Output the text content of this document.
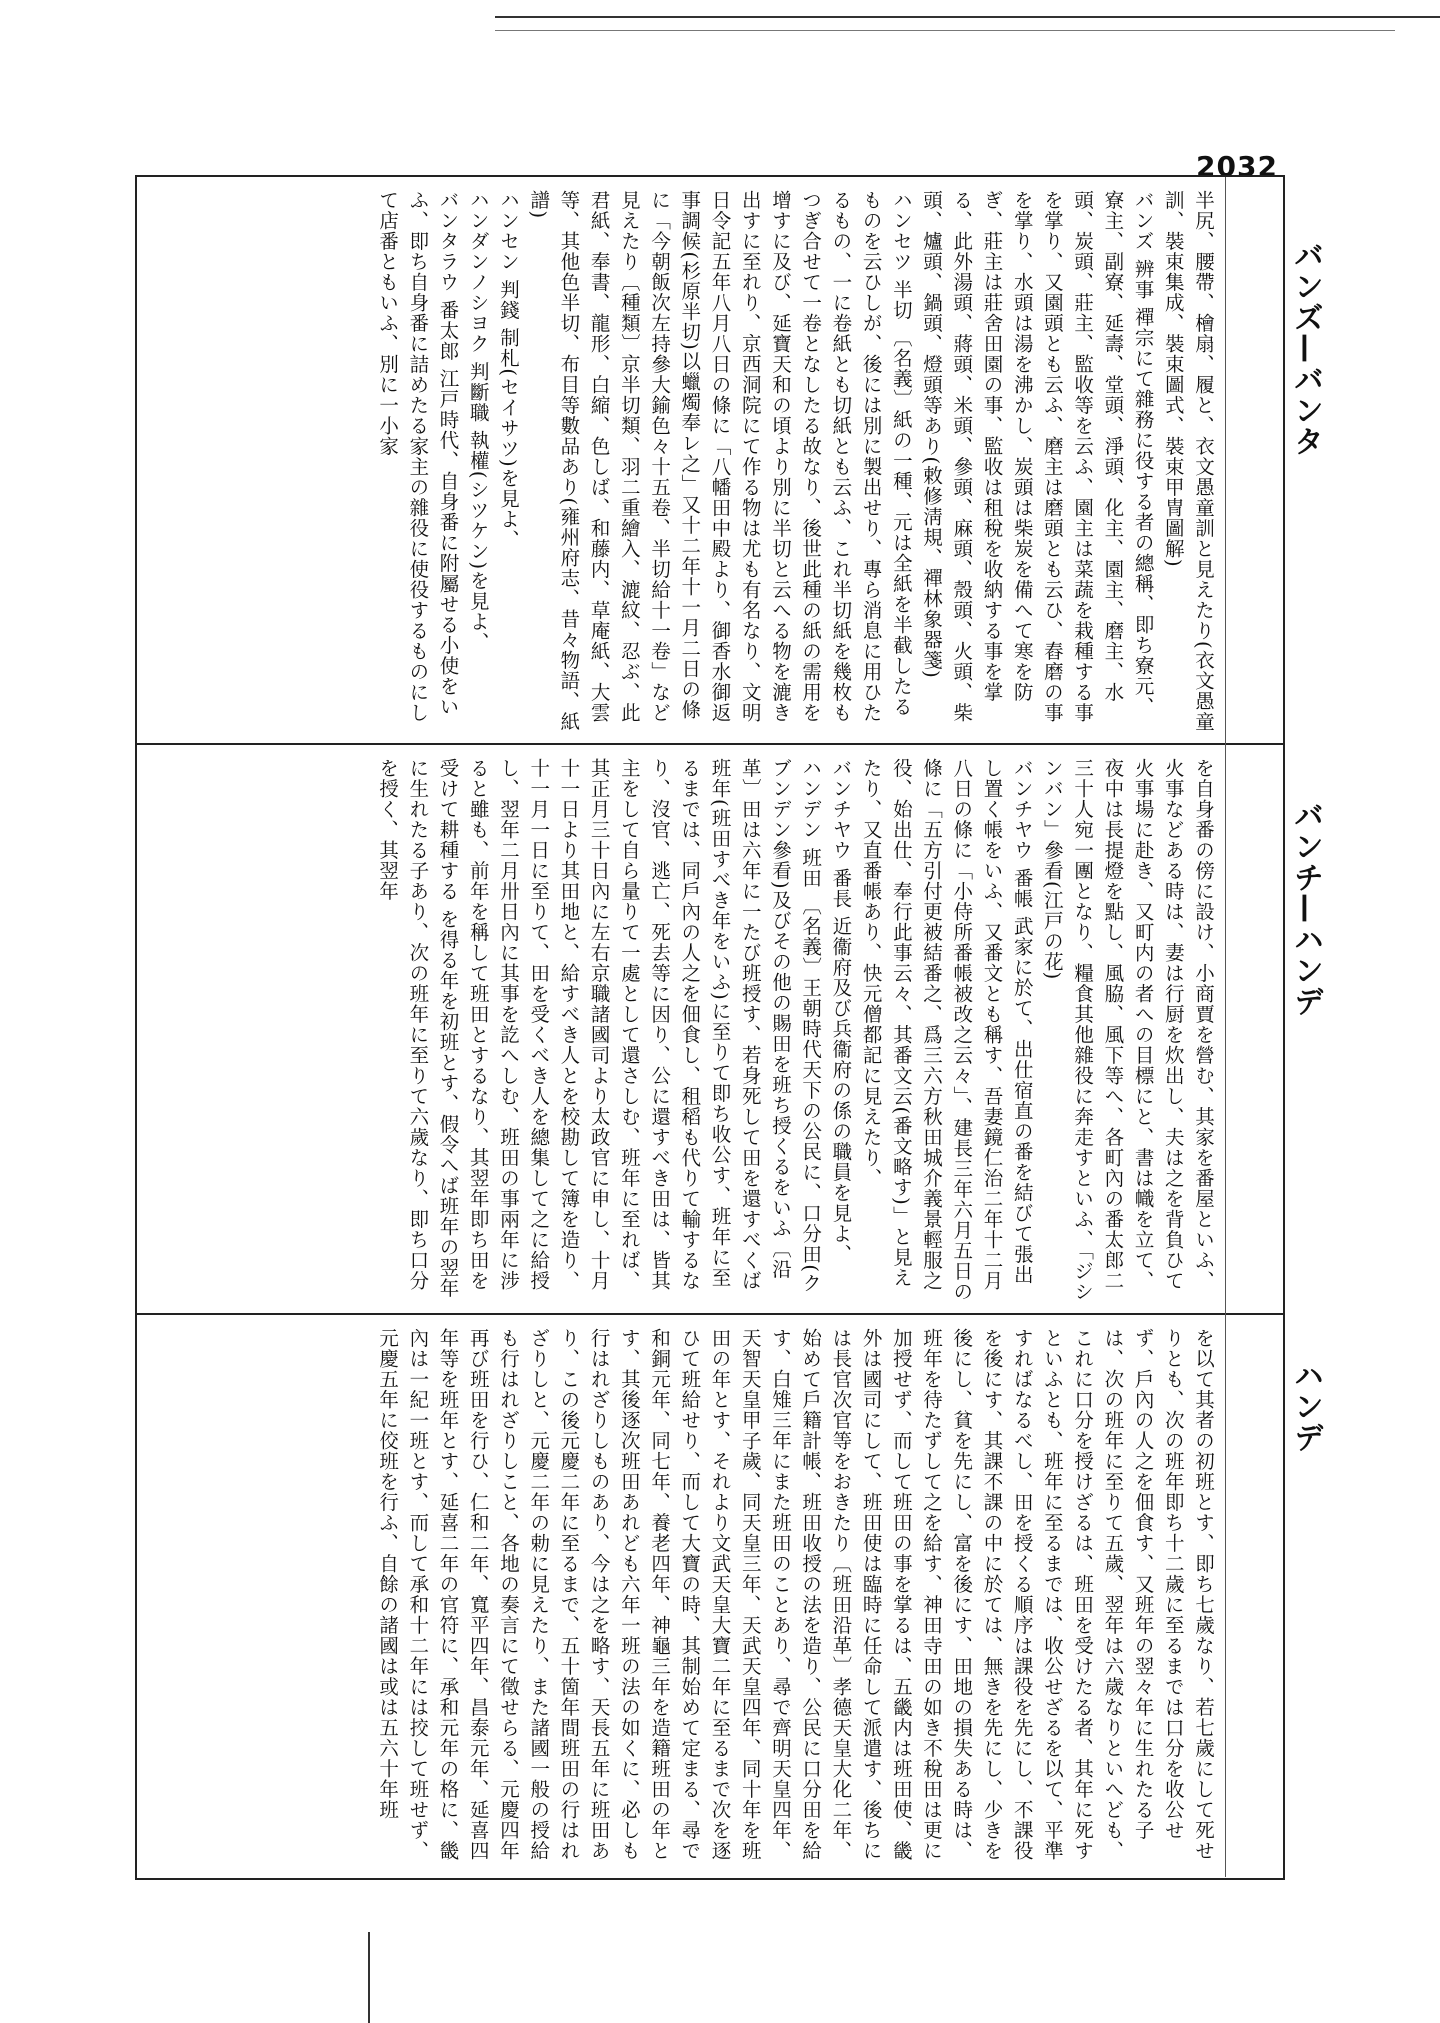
2032
バンズ—バンタ
バンチ—ハンデ
ハンデ

半尻、腰帶、檜扇、履と、衣文愚童訓と見えたり(衣文愚童訓、裝束集成、裝束圖式、裝束甲冑圖解)

バンズ 辨事 禪宗にて雜務に役する者の總稱、即ち寮元、寮主、副寮、延壽、堂頭、淨頭、化主、園主、磨主、水頭、炭頭、莊主、監收等を云ふ、園主は菜蔬を栽種する事を掌り、又園頭とも云ふ、磨主は磨頭とも云ひ、舂磨の事を掌り、水頭は湯を沸かし、炭頭は柴炭を備へて寒を防ぎ、莊主は莊舍田園の事、監收は租稅を收納する事を掌る、此外湯頭、蔣頭、米頭、參頭、麻頭、殼頭、火頭、柴頭、爐頭、鍋頭、燈頭等あり(敕修淸規、禪林象器箋)

ハンセツ 半切 〔名義〕紙の一種、元は全紙を半截したるものを云ひしが、後には別に製出せり、專ら消息に用ひたるもの、一に卷紙とも切紙とも云ふ、これ半切紙を幾枚もつぎ合せて一卷となしたる故なり、後世此種の紙の需用を增すに及び、延寶天和の頃より別に半切と云へる物を漉き出すに至れり、京西洞院にて作る物は尤も有名なり、文明日令記五年八月八日の條に「八幡田中殿より、御香水御返事調候(杉原半切)以蠟燭奉レ之」又十二年十一月二日の條に「今朝飯次左持參大鍮色々十五卷、半切給十一卷」など見えたり〔種類〕京半切類、羽二重繪入、漉紋、忍ぶ、此君紙、奉書、龍形、白縮、色しば、和藤内、草庵紙、大雲等、其他色半切、布目等數品あり(雍州府志、昔々物語、紙譜)

ハンセン 判錢 制札(セイサツ)を見よ、

ハンダンノシヨク 判斷職 執權(シツケン)を見よ、

バンタラウ 番太郎 江戸時代、自身番に附屬せる小使をいふ、即ち自身番に詰めたる家主の雜役に使役するものにして店番ともいふ、別に一小家

を自身番の傍に設け、小商賈を營む、其家を番屋といふ、火事などある時は、妻は行厨を炊出し、夫は之を背負ひて火事場に赴き、又町内の者への目標にと、書は幟を立て、夜中は長提燈を點し、風脇、風下等へ、各町內の番太郎二三十人宛一團となり、糧食其他雜役に奔走すといふ、「ジシンバン」參看(江戸の花)

バンチヤウ 番帳 武家に於て、出仕宿直の番を結びて張出し置く帳をいふ、又番文とも稱す、吾妻鏡仁治二年十二月八日の條に「小侍所番帳被改之云々」、建長三年六月五日の條に「五方引付更被結番之、爲三六方秋田城介義景輕服之役、始出仕、奉行此事云々、其番文云(番文略す)」と見えたり、又直番帳あり、快元僧都記に見えたり、

バンチヤウ 番長 近衞府及び兵衞府の係の職員を見よ、

ハンデン 班田 〔名義〕王朝時代天下の公民に、口分田(クブンデン參看)及びその他の賜田を班ち授くるをいふ〔沿革〕田は六年に一たび班授す、若身死して田を還すべくば班年(班田すべき年をいふ)に至りて即ち收公す、班年に至るまでは、同戶內の人之を佃食し、租稻も代りて輸するなり、沒官、逃亡、死去等に因り、公に還すべき田は、皆其主をして自ら量りて一處として還さしむ、班年に至れば、其正月三十日內に左右京職諸國司より太政官に申し、十月十一日より其田地と、給すべき人とを校勘して簿を造り、十一月一日に至りて、田を受くべき人を總集して之に給授し、翌年二月卅日內に其事を訖へしむ、班田の事兩年に涉ると雖も、前年を稱して班田とするなり、其翌年即ち田を受けて耕種する を得る年を初班とす、假令へば班年の翌年に生れたる子あり、次の班年に至りて六歲なり、即ち口分を授く、其翌年

を以て其者の初班とす、即ち七歲なり、若七歲にして死せりとも、次の班年即ち十二歲に至るまでは口分を收公せず、戶內の人之を佃食す、又班年の翌々年に生れたる子は、次の班年に至りて五歲、翌年は六歲なりといへども、これに口分を授けざるは、班田を受けたる者、其年に死すといふとも、班年に至るまでは、收公せざるを以て、平準すればなるべし、田を授くる順序は課役を先にし、不課役を後にす、其課不課の中に於ては、無きを先にし、少きを後にし、貧を先にし、富を後にす、田地の損失ある時は、班年を待たずして之を給す、神田寺田の如き不稅田は更に加授せず、而して班田の事を掌るは、五畿内は班田使、畿外は國司にして、班田使は臨時に任命して派遣す、後ちには長官次官等をおきたり〔班田沿革〕孝德天皇大化二年、始めて戶籍計帳、班田收授の法を造り、公民に口分田を給す、白雉三年にまた班田のことあり、尋で齊明天皇四年、天智天皇甲子歲、同天皇三年、天武天皇四年、同十年を班田の年とす、それより文武天皇大寶二年に至るまで次を逐ひて班給せり、而して大寶の時、其制始めて定まる、尋で和銅元年、同七年、養老四年、神龜三年を造籍班田の年とす、其後逐次班田あれども六年一班の法の如くに、必しも行はれざりしものあり、今は之を略す、天長五年に班田あり、この後元慶二年に至るまで、五十箇年間班田の行はれざりしと、元慶二年の勅に見えたり、また諸國一般の授給も行はれざりしこと、各地の奏言にて徵せらる、元慶四年再び班田を行ひ、仁和二年、寬平四年、昌泰元年、延喜四年等を班年とす、延喜二年の官符に、承和元年の格に、畿內は一紀一班とす、而して承和十二年には挍して班せず、元慶五年に佼班を行ふ、自餘の諸國は或は五六十年班
